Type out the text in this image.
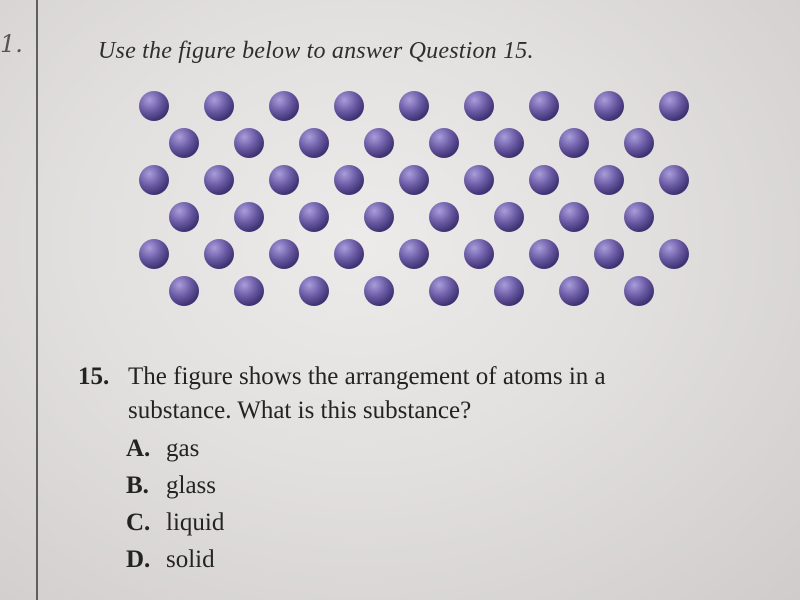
1.	Use the figure below to answer Question 15.
15. The figure shows the arrangement of atoms in a substance. What is this substance?
A. gas
B. glass
C. liquid
D. solid
